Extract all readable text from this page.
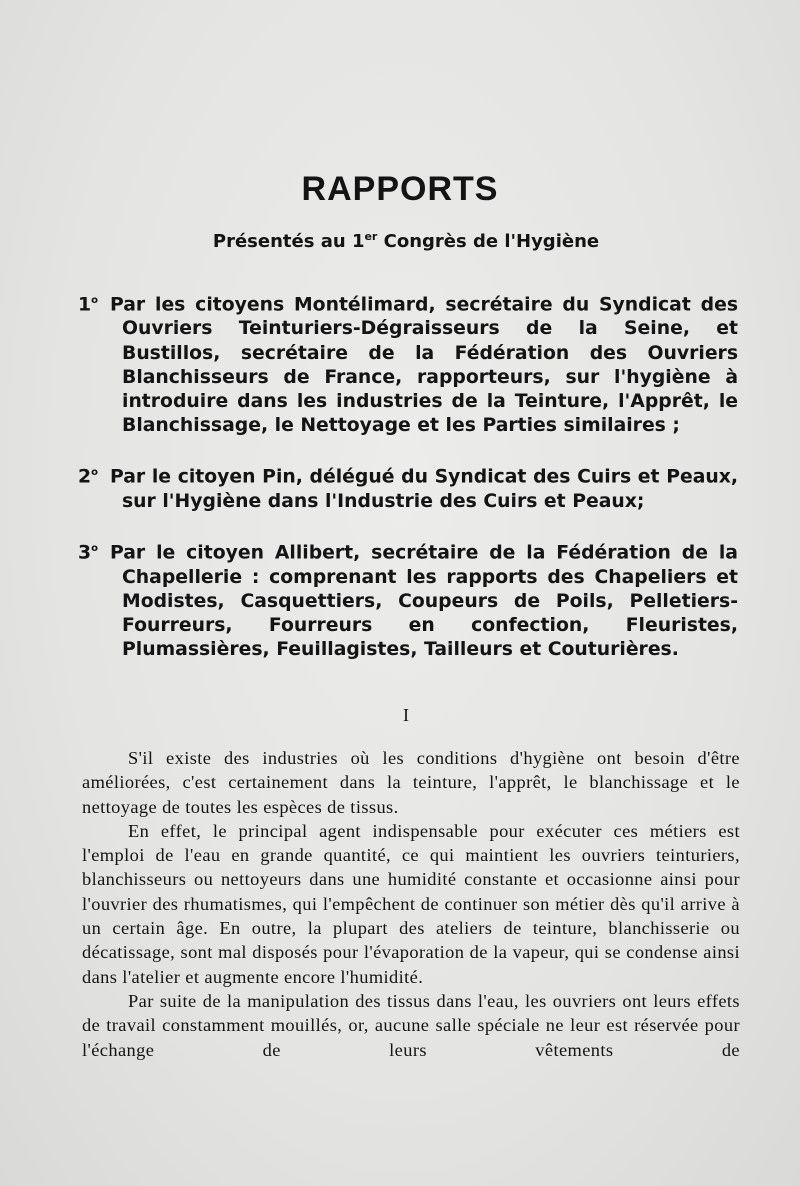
RAPPORTS
Présentés au 1er Congrès de l'Hygiène
1$^o$ Par les citoyens Montélimard, secrétaire du Syndicat des Ouvriers Teinturiers-Dégraisseurs de la Seine, et Bustillos, secrétaire de la Fédération des Ouvriers Blanchisseurs de France, rapporteurs, sur l'hygiène à introduire dans les industries de la Teinture, l'Apprêt, le Blanchissage, le Nettoyage et les Parties similaires ;
2$^o$ Par le citoyen Pin, délégué du Syndicat des Cuirs et Peaux, sur l'Hygiène dans l'Industrie des Cuirs et Peaux;
3$^o$ Par le citoyen Allibert, secrétaire de la Fédération de la Chapellerie : comprenant les rapports des Chapeliers et Modistes, Casquettiers, Coupeurs de Poils, Pelletiers-Fourreurs, Fourreurs en confection, Fleuristes, Plumassières, Feuillagistes, Tailleurs et Couturières.
I

S'il existe des industries où les conditions d'hygiène ont besoin d'être améliorées, c'est certainement dans la teinture, l'apprêt, le blanchissage et le nettoyage de toutes les espèces de tissus.

En effet, le principal agent indispensable pour exécuter ces métiers est l'emploi de l'eau en grande quantité, ce qui maintient les ouvriers teinturiers, blanchisseurs ou nettoyeurs dans une humidité constante et occasionne ainsi pour l'ouvrier des rhumatismes, qui l'empêchent de continuer son métier dès qu'il arrive à un certain âge. En outre, la plupart des ateliers de teinture, blanchisserie ou décatissage, sont mal disposés pour l'évaporation de la vapeur, qui se condense ainsi dans l'atelier et augmente encore l'humidité.

Par suite de la manipulation des tissus dans l'eau, les ouvriers ont leurs effets de travail constamment mouillés, or, aucune salle spéciale ne leur est réservée pour l'échange de leurs vêtements de
